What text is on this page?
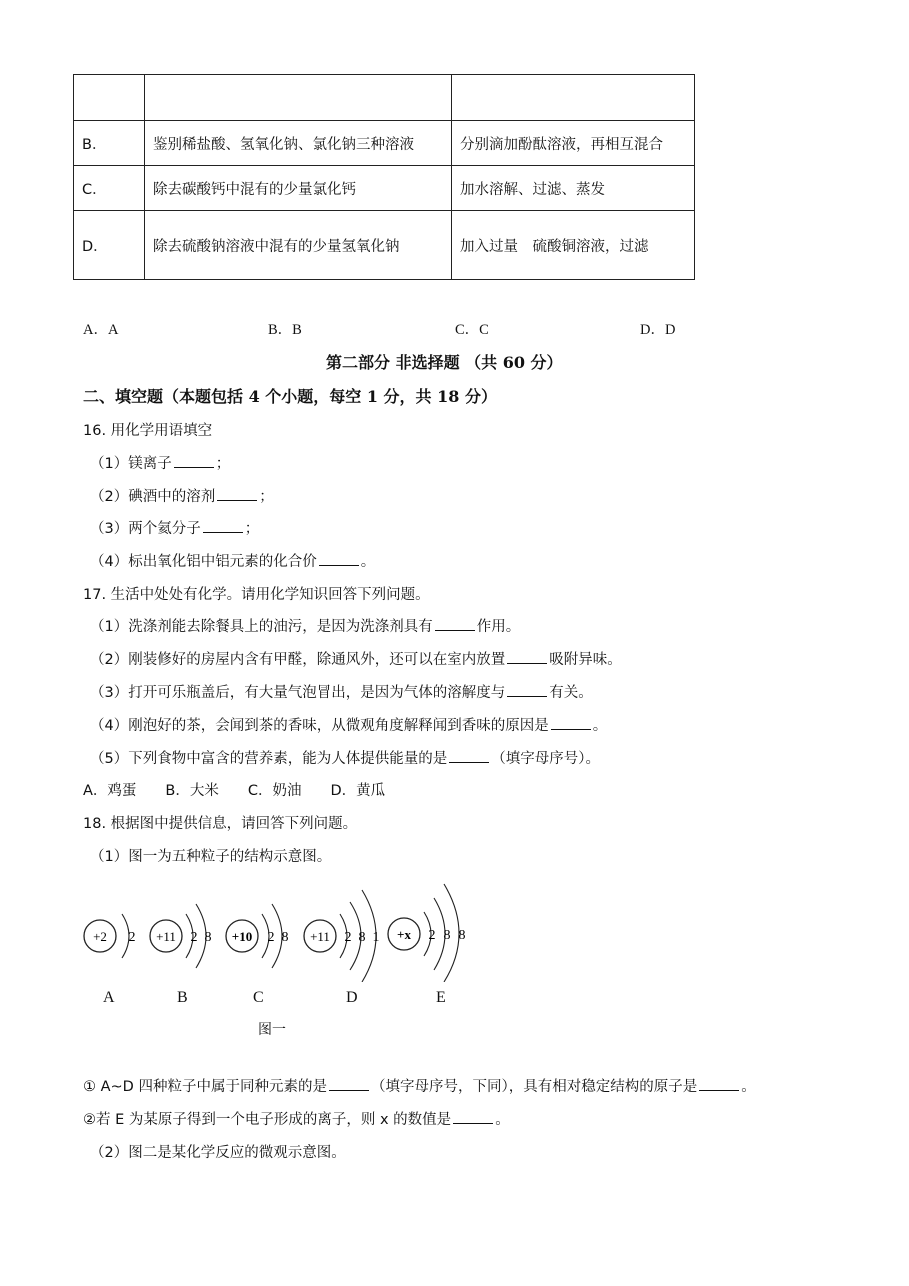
B．	鉴别稀盐酸、氢氧化钠、氯化钠三种溶液	分别滴加酚酞溶液，再相互混合
C．	除去碳酸钙中混有的少量氯化钙	加水溶解、过滤、蒸发
D．	除去硫酸钠溶液中混有的少量氢氧化钠	加入过量　硫酸铜溶液，过滤
A．A	B．B	C．C	D．D
第二部分 非选择题 （共 60 分）
二、填空题（本题包括 4 个小题，每空 1 分，共 18 分）
16. 用化学用语填空
（1）镁离子	；
（2）碘酒中的溶剂	；
（3）两个氦分子	；
（4）标出氧化铝中铝元素的化合价	。
17. 生活中处处有化学。请用化学知识回答下列问题。
（1）洗涤剂能去除餐具上的油污，是因为洗涤剂具有	作用。
（2）刚装修好的房屋内含有甲醛，除通风外，还可以在室内放置	吸附异味。
（3）打开可乐瓶盖后，有大量气泡冒出，是因为气体的溶解度与	有关。
（4）刚泡好的茶，会闻到茶的香味，从微观角度解释闻到香味的原因是	。
（5）下列食物中富含的营养素，能为人体提供能量的是	（填字母序号）。
A．鸡蛋　　B．大米　　C．奶油　　D．黄瓜
18. 根据图中提供信息，请回答下列问题。
（1）图一为五种粒子的结构示意图。
+2 2 +11 2 8 +10 2 8 +11 2 8 1 +x 2 8 8
A	B	C	D	E
图一
① A~D 四种粒子中属于同种元素的是	（填字母序号，下同），具有相对稳定结构的原子是	。
②若 E 为某原子得到一个电子形成的离子，则 x 的数值是	。
（2）图二是某化学反应的微观示意图。
